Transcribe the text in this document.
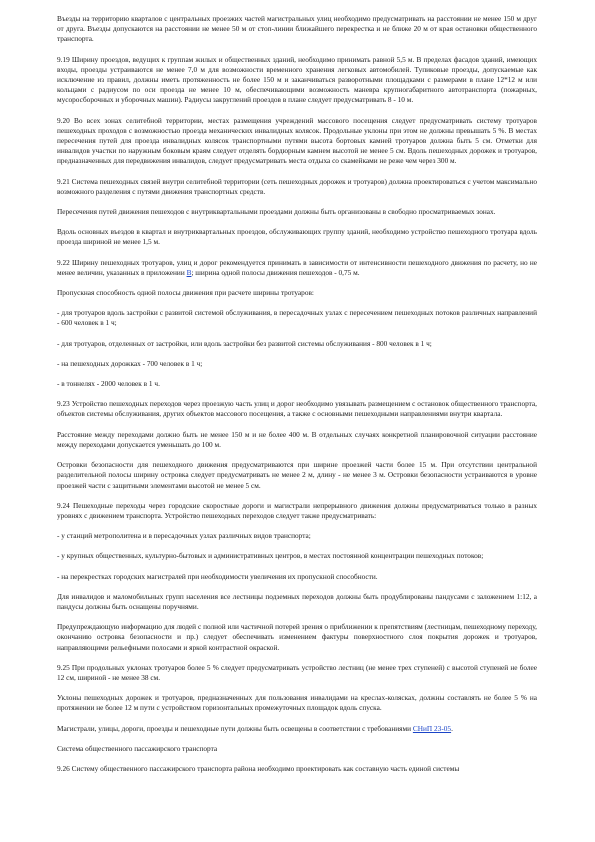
Въезды на территорию кварталов с центральных проезжих частей магистральных улиц необходимо предусматривать на расстоянии не менее 150 м друг от друга. Въезды допускаются на расстоянии не менее 50 м от стоп-линии ближайшего перекрестка и не ближе 20 м от края остановки общественного транспорта.

9.19 Ширину проездов, ведущих к группам жилых и общественных зданий, необходимо принимать равной 5,5 м. В пределах фасадов зданий, имеющих входы, проезды устраиваются не менее 7,0 м для возможности временного хранения легковых автомобилей. Тупиковые проезды, допускаемые как исключение из правил, должны иметь протяженность не более 150 м и заканчиваться разворотными площадками с размерами в плане 12*12 м или кольцами с радиусом по оси проезда не менее 10 м, обеспечивающими возможность маневра крупногабаритного автотранспорта (пожарных, мусоросборочных и уборочных машин). Радиусы закруглений проездов в плане следует предусматривать 8 - 10 м.

9.20 Во всех зонах селитебной территории, местах размещения учреждений массового посещения следует предусматривать систему тротуаров пешеходных проходов с возможностью проезда механических инвалидных колясок. Продольные уклоны при этом не должны превышать 5 %. В местах пересечения путей для проезда инвалидных колясок транспортными путями высота бортовых камней тротуаров должна быть 5 см. Отметки для инвалидов участки по наружным боковым краям следует отделять бордюрным камнем высотой не менее 5 см. Вдоль пешеходных дорожек и тротуаров, предназначенных для передвижения инвалидов, следует предусматривать места отдыха со скамейками не реже чем через 300 м.

9.21 Система пешеходных связей внутри селитебной территории (сеть пешеходных дорожек и тротуаров) должна проектироваться с учетом максимально возможного разделения с путями движения транспортных средств.

Пересечения путей движения пешеходов с внутриквартальными проездами должны быть организованы в свободно просматриваемых зонах.

Вдоль основных въездов в квартал и внутриквартальных проездов, обслуживающих группу зданий, необходимо устройство пешеходного тротуара вдоль проезда шириной не менее 1,5 м.

9.22 Ширину пешеходных тротуаров, улиц и дорог рекомендуется принимать в зависимости от интенсивности пешеходного движения по расчету, но не менее величин, указанных в приложении В; ширина одной полосы движения пешеходов - 0,75 м.

Пропускная способность одной полосы движения при расчете ширины тротуаров:

- для тротуаров вдоль застройки с развитой системой обслуживания, в пересадочных узлах с пересечением пешеходных потоков различных направлений - 600 человек в 1 ч;

- для тротуаров, отделенных от застройки, или вдоль застройки без развитой системы обслуживания - 800 человек в 1 ч;

- на пешеходных дорожках - 700 человек в 1 ч;

- в тоннелях - 2000 человек в 1 ч.

9.23 Устройство пешеходных переходов через проезжую часть улиц и дорог необходимо увязывать размещением с остановок общественного транспорта, объектов системы обслуживания, других объектов массового посещения, а также с основными пешеходными направлениями внутри квартала.

Расстояние между переходами должно быть не менее 150 м и не более 400 м. В отдельных случаях конкретной планировочной ситуации расстояние между переходами допускается уменьшать до 100 м.

Островки безопасности для пешеходного движения предусматриваются при ширине проезжей части более 15 м. При отсутствии центральной разделительной полосы ширину островка следует предусматривать не менее 2 м, длину - не менее 3 м. Островки безопасности устраиваются в уровне проезжей части с защитными элементами высотой не менее 5 см.

9.24 Пешеходные переходы через городские скоростные дороги и магистрали непрерывного движения должны предусматриваться только в разных уровнях с движением транспорта. Устройство пешеходных переходов следует также предусматривать:

- у станций метрополитена и в пересадочных узлах различных видов транспорта;

- у крупных общественных, культурно-бытовых и административных центров, в местах постоянной концентрации пешеходных потоков;

- на перекрестках городских магистралей при необходимости увеличения их пропускной способности.

Для инвалидов и маломобильных групп населения все лестницы подземных переходов должны быть продублированы пандусами с заложением 1:12, а пандусы должны быть оснащены поручнями.

Предупреждающую информацию для людей с полной или частичной потерей зрения о приближении к препятствиям (лестницам, пешеходному переходу, окончанию островка безопасности и пр.) следует обеспечивать изменением фактуры поверхностного слоя покрытия дорожек и тротуаров, направляющими рельефными полосами и яркой контрастной окраской.

9.25 При продольных уклонах тротуаров более 5 % следует предусматривать устройство лестниц (не менее трех ступеней) с высотой ступеней не более 12 см, шириной - не менее 38 см.

Уклоны пешеходных дорожек и тротуаров, предназначенных для пользования инвалидами на креслах-колясках, должны составлять не более 5 % на протяжении не более 12 м пути с устройством горизонтальных промежуточных площадок вдоль спуска.

Магистрали, улицы, дороги, проезды и пешеходные пути должны быть освещены в соответствии с требованиями СНиП 23-05.

Система общественного пассажирского транспорта

9.26 Систему общественного пассажирского транспорта района необходимо проектировать как составную часть единой системы
